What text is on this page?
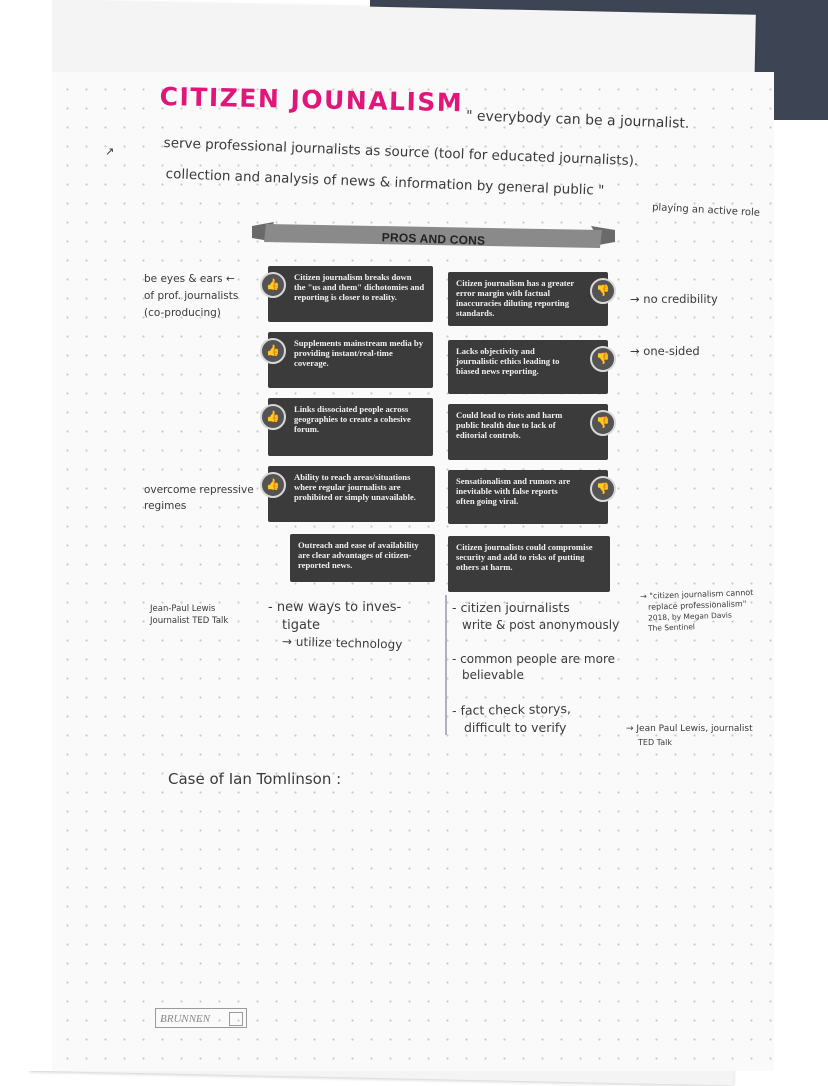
↗
CITIZEN JOUNALISM
" everybody can be a journalist.
serve professional journalists as source (tool for educated journalists).
collection and analysis of news & information by general public "
playing an active role
PROS AND CONS
👍
Citizen journalism breaks down the "us and them" dichotomies and reporting is closer to reality.
👍
Supplements mainstream media by providing instant/real-time coverage.
👍
Links dissociated people across geographies to create a cohesive forum.
👍
Ability to reach areas/situations where regular journalists are prohibited or simply unavailable.
Outreach and ease of availability are clear advantages of citizen-reported news.
👎
Citizen journalism has a greater error margin with factual inaccuracies diluting reporting standards.
👎
Lacks objectivity and journalistic ethics leading to biased news reporting.
👎
Could lead to riots and harm public health due to lack of editorial controls.
👎
Sensationalism and rumors are inevitable with false reports often going viral.
Citizen journalists could compromise security and add to risks of putting others at harm.
be eyes & ears ←
of prof. journalists
(co-producing)
overcome repressive
regimes
→ no credibility
→ one-sided
Jean-Paul Lewis
Journalist TED Talk
- new ways to inves-
tigate
→ utilize technology
- citizen journalists
write & post anonymously
- common people are more
believable
- fact check storys,
difficult to verify
→ "citizen journalism cannot
replace professionalism"
2018, by Megan Davis
The Sentinel
→ Jean Paul Lewis, journalist
TED Talk
Case of Ian Tomlinson :
BRUNNEN
